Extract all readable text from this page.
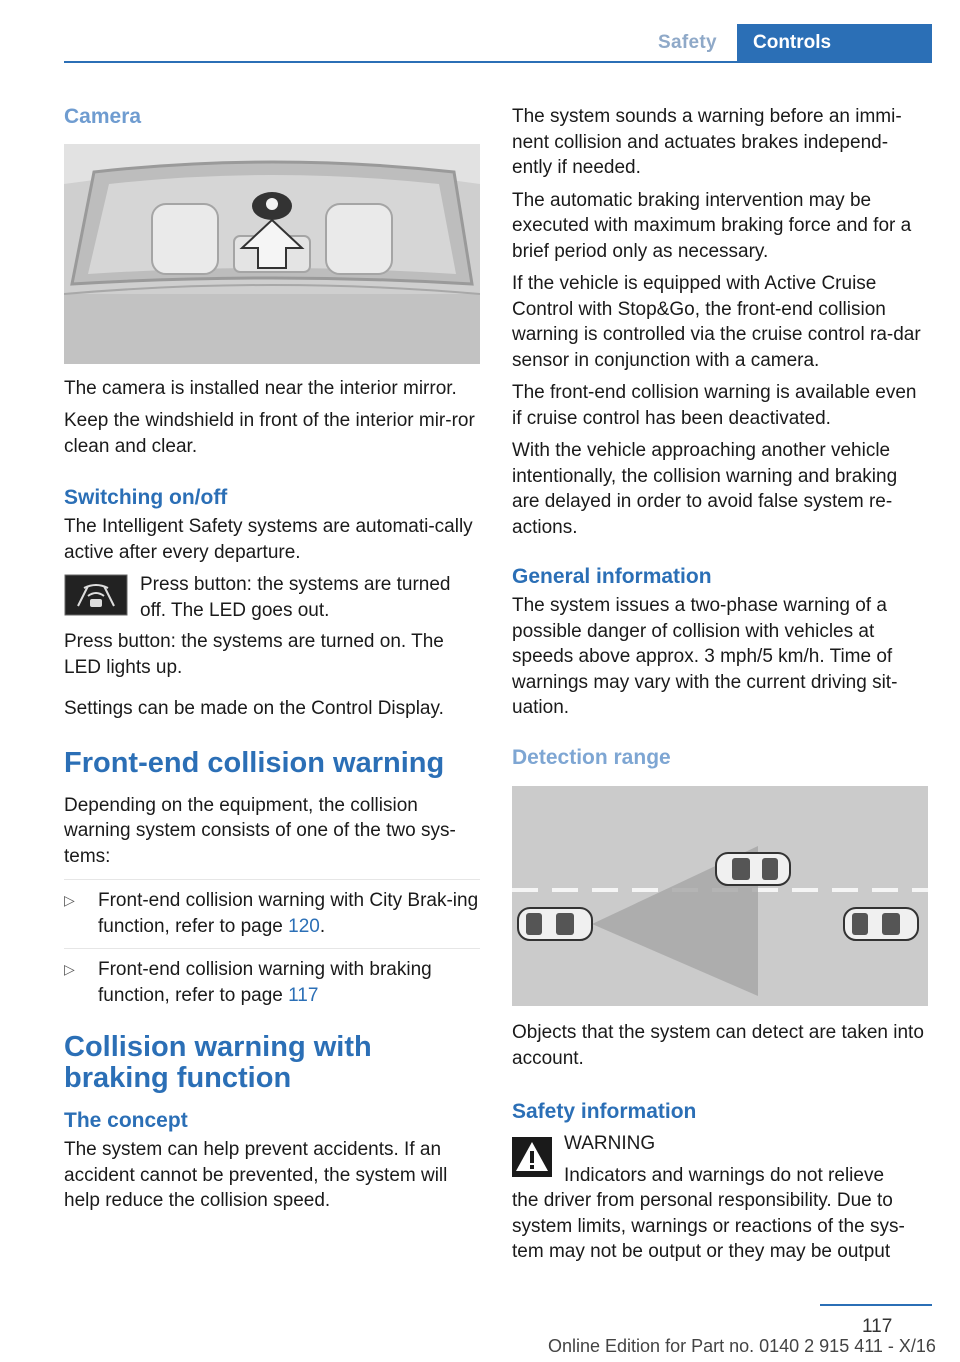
Safety	Controls
Camera

The camera is installed near the interior mirror.

Keep the windshield in front of the interior mir‐ror clean and clear.

Switching on/off

The Intelligent Safety systems are automati‐cally active after every departure.

Press button: the systems are turned off. The LED goes out.

Press button: the systems are turned on. The LED lights up.

Settings can be made on the Control Display.

Front-end collision warning

Depending on the equipment, the collision warning system consists of one of the two sys‐tems:

▷	Front-end collision warning with City Brak‐ing function, refer to page 120.
▷	Front-end collision warning with braking function, refer to page 117
Collision warning with braking function
The concept

The system can help prevent accidents. If an accident cannot be prevented, the system will help reduce the collision speed.

The system sounds a warning before an immi‐nent collision and actuates brakes independ‐ently if needed.

The automatic braking intervention may be executed with maximum braking force and for a brief period only as necessary.

If the vehicle is equipped with Active Cruise Control with Stop&Go, the front-end collision warning is controlled via the cruise control ra‐dar sensor in conjunction with a camera.

The front-end collision warning is available even if cruise control has been deactivated.

With the vehicle approaching another vehicle intentionally, the collision warning and braking are delayed in order to avoid false system re‐actions.

General information

The system issues a two-phase warning of a possible danger of collision with vehicles at speeds above approx. 3 mph/5 km/h. Time of warnings may vary with the current driving sit‐uation.

Detection range

Objects that the system can detect are taken into account.

Safety information
WARNING
Indicators and warnings do not relieve

the driver from personal responsibility. Due to system limits, warnings or reactions of the sys‐tem may not be output or they may be output

117
Online Edition for Part no. 0140 2 915 411 - X/16
